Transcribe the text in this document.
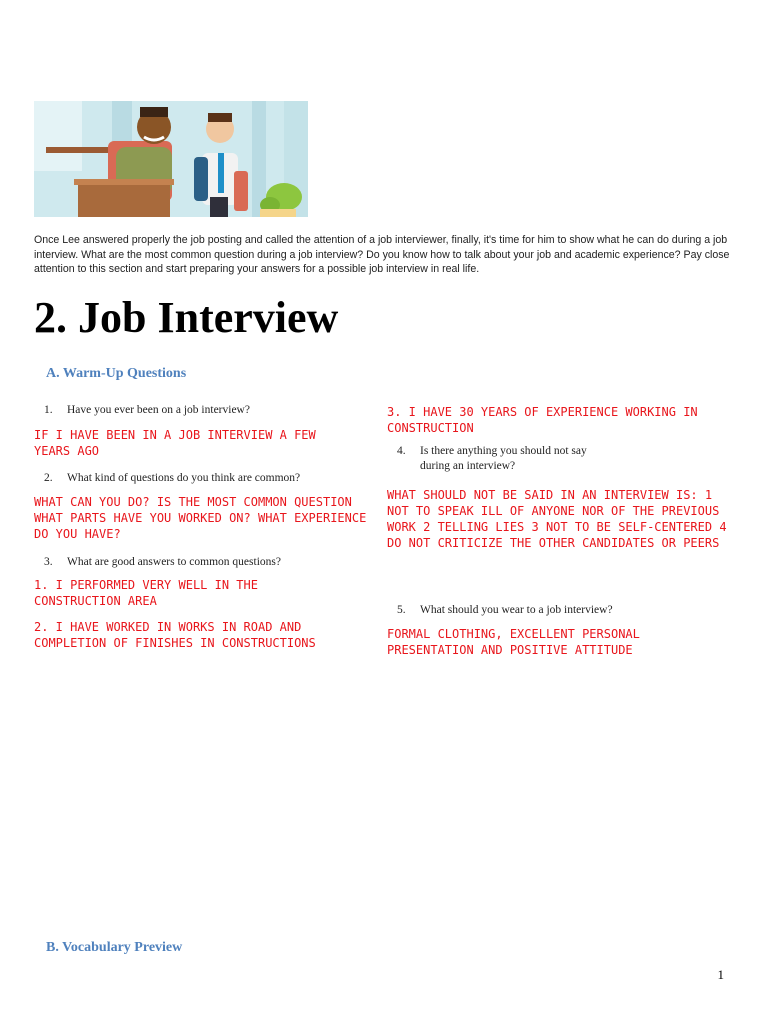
Once Lee answered properly the job posting and called the attention of a job interviewer, finally, it's time for him to show what he can do during a job interview. What are the most common question during a job interview? Do you know how to talk about your job and academic experience? Pay close attention to this section and start preparing your answers for a possible job interview in real life.
2. Job Interview
A. Warm-Up Questions
1. Have you ever been on a job interview?

IF I HAVE BEEN IN A JOB INTERVIEW A FEW YEARS AGO

2. What kind of questions do you think are common?

WHAT CAN YOU DO? IS THE MOST COMMON QUESTION WHAT PARTS HAVE YOU WORKED ON? WHAT EXPERIENCE DO YOU HAVE?

3. What are good answers to common questions?

1. I PERFORMED VERY WELL IN THE CONSTRUCTION AREA

2. I HAVE WORKED IN WORKS IN ROAD AND COMPLETION OF FINISHES IN CONSTRUCTIONS

3. I HAVE 30 YEARS OF EXPERIENCE WORKING IN CONSTRUCTION

4. Is there anything you should not say during an interview?

WHAT SHOULD NOT BE SAID IN AN INTERVIEW IS: 1 NOT TO SPEAK ILL OF ANYONE NOR OF THE PREVIOUS WORK 2 TELLING LIES 3 NOT TO BE SELF-CENTERED 4 DO NOT CRITICIZE THE OTHER CANDIDATES OR PEERS

5. What should you wear to a job interview?

FORMAL CLOTHING, EXCELLENT PERSONAL PRESENTATION AND POSITIVE ATTITUDE

B. Vocabulary Preview
1
